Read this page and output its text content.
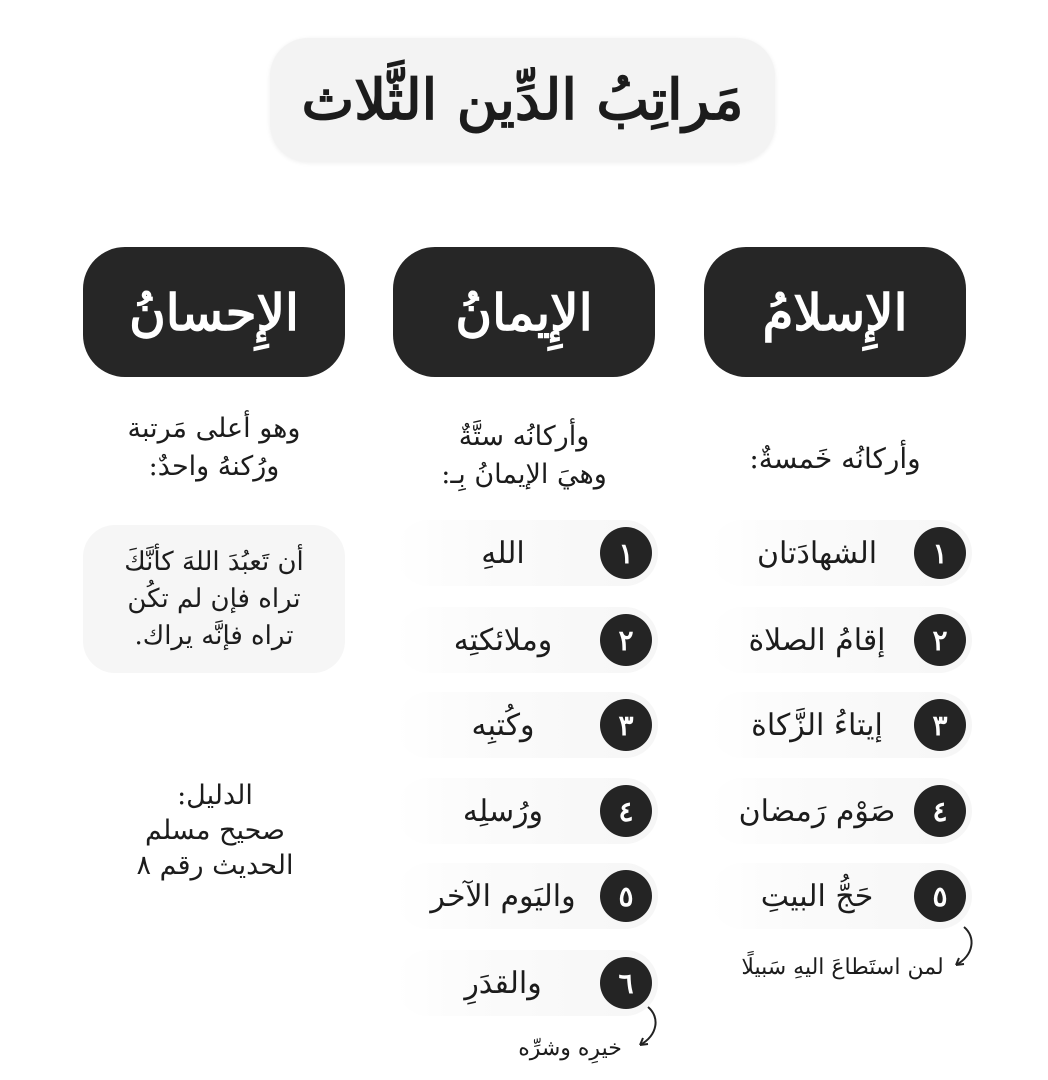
مَراتِبُ الدِّين الثَّلاث
الإِسلامُ
الإِيمانُ
الإِحسانُ
وأركانُه خَمسةٌ:
وأركانُه ستَّةٌ
وهيَ الإيمانُ بِـ:
وهو أعلى مَرتبة
ورُكنهُ واحدٌ:
١
الشهادَتان
٢
إقامُ الصلاة
٣
إيتاءُ الزَّكاة
٤
صَوْم رَمضان
٥
حَجُّ البيتِ
لمن استَطاعَ اليهِ سَبيلًا
١
اللهِ
٢
وملائكتِه
٣
وكُتبِه
٤
ورُسلِه
٥
واليَوم الآخر
٦
والقدَرِ
خيرِه وشرِّه
أن تَعبُدَ اللهَ كأنَّكَ
تراه فإن لم تكُن
تراه فإنَّه يراك.
الدليل:
صحيح مسلم
الحديث رقم ٨
